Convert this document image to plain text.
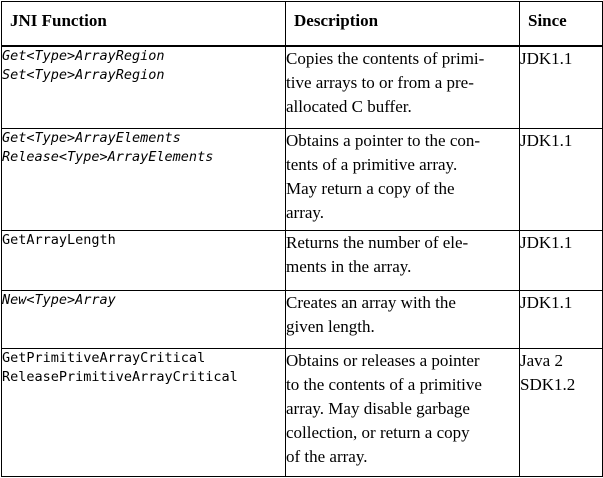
JNI Function	Description	Since

Get<Type>ArrayRegion
Set<Type>ArrayRegion	Copies the contents of primi-
tive arrays to or from a pre-
allocated C buffer.	JDK1.1

Get<Type>ArrayElements
Release<Type>ArrayElements	Obtains a pointer to the con-
tents of a primitive array.
May return a copy of the
array.	JDK1.1

GetArrayLength	Returns the number of ele-
ments in the array.	JDK1.1

New<Type>Array	Creates an array with the
given length.	JDK1.1

GetPrimitiveArrayCritical
ReleasePrimitiveArrayCritical	Obtains or releases a pointer
to the contents of a primitive
array. May disable garbage
collection, or return a copy
of the array.	Java 2
SDK1.2
